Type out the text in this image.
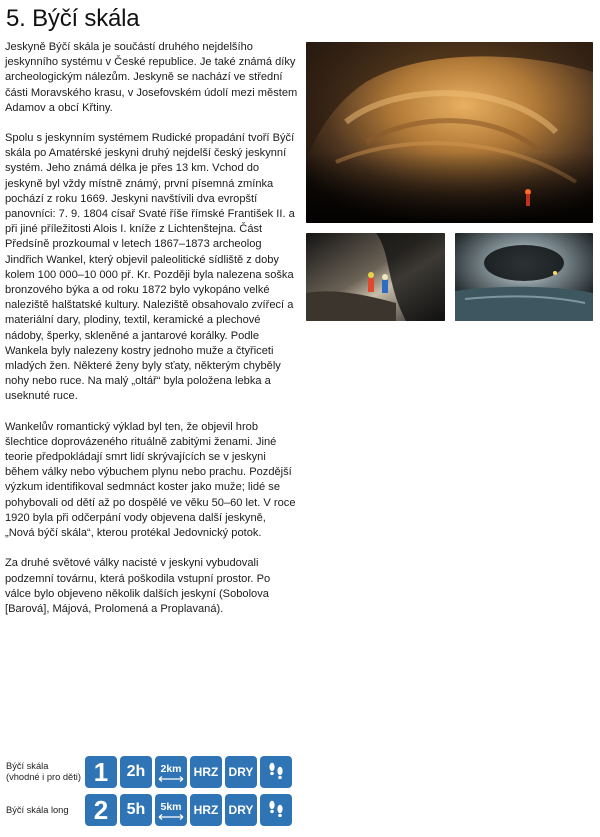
5. Býčí skála

Jeskyně Býčí skála je součástí druhého nejdelšího jeskynního systému v České republice. Je také známá díky archeologickým nálezům. Jeskyně se nachází ve střední části Moravského krasu, v Josefovském údolí mezi městem Adamov a obcí Křtiny.

Spolu s jeskynním systémem Rudické propadání tvoří Býčí skála po Amatérské jeskyni druhý nejdelší český jeskynní systém. Jeho známá délka je přes 13 km. Vchod do jeskyně byl vždy místně známý, první písemná zmínka pochází z roku 1669. Jeskyni navštívili dva evropští panovníci: 7. 9. 1804 císař Svaté říše římské František II. a při jiné příležitosti Alois I. kníže z Lichtenštejna. Část Předsíně prozkoumal v letech 1867–1873 archeolog Jindřich Wankel, který objevil paleolitické sídliště z doby kolem 100 000–10 000 př. Kr. Později byla nalezena soška bronzového býka a od roku 1872 bylo vykopáno velké naleziště halštatské kultury. Naleziště obsahovalo zvířecí a materiální dary, plodiny, textil, keramické a plechové nádoby, šperky, skleněné a jantarové korálky. Podle Wankela byly nalezeny kostry jednoho muže a čtyřiceti mladých žen. Některé ženy byly sťaty, některým chyběly nohy nebo ruce. Na malý „oltář“ byla položena lebka a useknuté ruce.

Wankelův romantický výklad byl ten, že objevil hrob šlechtice doprovázeného rituálně zabitými ženami. Jiné teorie předpokládají smrt lidí skrývajících se v jeskyni během války nebo výbuchem plynu nebo prachu. Pozdější výzkum identifikoval sedmnáct koster jako muže; lidé se pohybovali od dětí až po dospělé ve věku 50–60 let. V roce 1920 byla při odčerpání vody objevena další jeskyně, „Nová býčí skála“, kterou protékal Jedovnický potok.

Za druhé světové války nacisté v jeskyni vybudovali podzemní továrnu, která poškodila vstupní prostor. Po válce bylo objeveno několik dalších jeskyní (Sobolova [Barová], Májová, Prolomená a Proplavaná).

Býčí skála (vhodné i pro děti) 1	2h	2km	HRZ DRY
Býčí skála long 2	5h	5km	HRZ DRY
